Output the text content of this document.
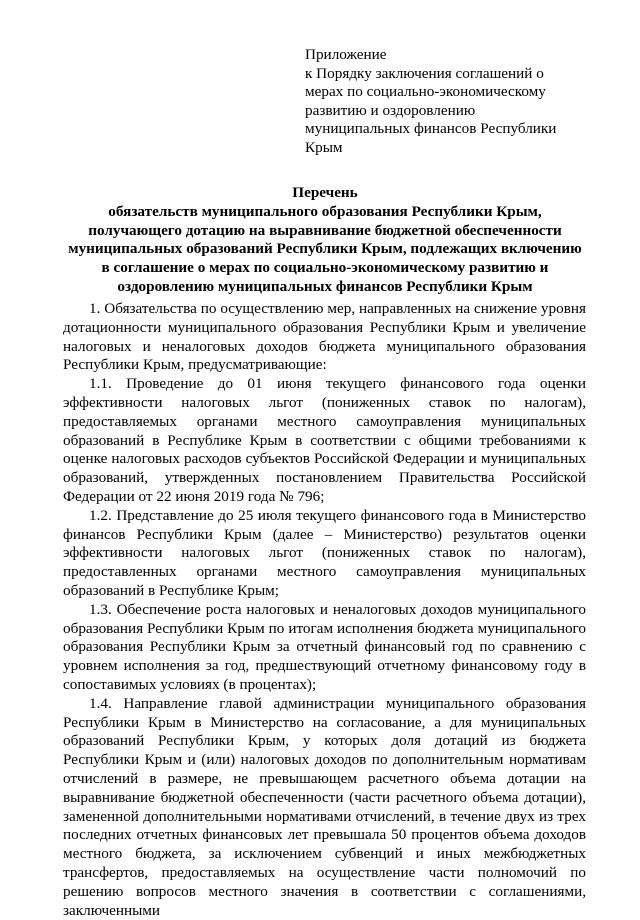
Приложение
к Порядку заключения соглашений о
мерах по социально-экономическому
развитию и оздоровлению
муниципальных финансов Республики
Крым
Перечень
обязательств муниципального образования Республики Крым,
получающего дотацию на выравнивание бюджетной обеспеченности
муниципальных образований Республики Крым, подлежащих включению
в соглашение о мерах по социально-экономическому развитию и
оздоровлению муниципальных финансов Республики Крым

1. Обязательства по осуществлению мер, направленных на снижение уровня дотационности муниципального образования Республики Крым и увеличение налоговых и неналоговых доходов бюджета муниципального образования Республики Крым, предусматривающие:

1.1. Проведение до 01 июня текущего финансового года оценки эффективности налоговых льгот (пониженных ставок по налогам), предоставляемых органами местного самоуправления муниципальных образований в Республике Крым в соответствии с общими требованиями к оценке налоговых расходов субъектов Российской Федерации и муниципальных образований, утвержденных постановлением Правительства Российской Федерации от 22 июня 2019 года № 796;

1.2. Представление до 25 июля текущего финансового года в Министерство финансов Республики Крым (далее – Министерство) результатов оценки эффективности налоговых льгот (пониженных ставок по налогам), предоставленных органами местного самоуправления муниципальных образований в Республике Крым;

1.3. Обеспечение роста налоговых и неналоговых доходов муниципального образования Республики Крым по итогам исполнения бюджета муниципального образования Республики Крым за отчетный финансовый год по сравнению с уровнем исполнения за год, предшествующий отчетному финансовому году в сопоставимых условиях (в процентах);

1.4. Направление главой администрации муниципального образования Республики Крым в Министерство на согласование, а для муниципальных образований Республики Крым, у которых доля дотаций из бюджета Республики Крым и (или) налоговых доходов по дополнительным нормативам отчислений в размере, не превышающем расчетного объема дотации на выравнивание бюджетной обеспеченности (части расчетного объема дотации), замененной дополнительными нормативами отчислений, в течение двух из трех последних отчетных финансовых лет превышала 50 процентов объема доходов местного бюджета, за исключением субвенций и иных межбюджетных трансфертов, предоставляемых на осуществление части полномочий по решению вопросов местного значения в соответствии с соглашениями, заключенными
